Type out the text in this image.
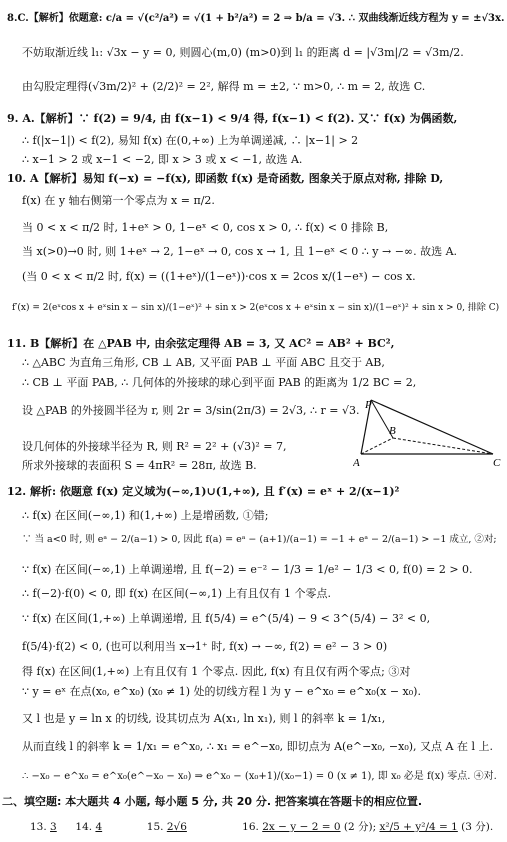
8.C.【解析】依题意: c/a = √(c²/a²) = √(1 + b²/a²) = 2 ⇒ b/a = √3. ∴ 双曲线渐近线方程为 y = ±√3x.
不妨取渐近线 l₁: √3x − y = 0, 则圆心(m,0) (m>0)到 l₁ 的距离 d = |√3m|/2 = √3m/2.
由勾股定理得(√3m/2)² + (2/2)² = 2², 解得 m = ±2, ∵ m>0, ∴ m = 2, 故选 C.
9. A.【解析】∵ f(2) = 9/4, 由 f(x−1) < 9/4 得, f(x−1) < f(2). 又∵ f(x) 为偶函数,
∴ f(|x−1|) < f(2), 易知 f(x) 在(0,+∞) 上为单调递减, ∴ |x−1| > 2
∴ x−1 > 2 或 x−1 < −2, 即 x > 3 或 x < −1, 故选 A.
10. A【解析】易知 f(−x) = −f(x), 即函数 f(x) 是奇函数, 图象关于原点对称, 排除 D,
f(x) 在 y 轴右侧第一个零点为 x = π/2.
当 0 < x < π/2 时, 1+eˣ > 0, 1−eˣ < 0, cos x > 0, ∴ f(x) < 0 排除 B,
当 x(>0)→0 时, 则 1+eˣ → 2, 1−eˣ → 0, cos x → 1, 且 1−eˣ < 0 ∴ y → −∞. 故选 A.
(当 0 < x < π/2 时, f(x) = ((1+eˣ)/(1−eˣ))·cos x = 2cos x/(1−eˣ) − cos x.
f′(x) = 2(eˣcos x + eˣsin x − sin x)/(1−eˣ)² + sin x > 2(eˣcos x + eˣsin x − sin x)/(1−eˣ)² + sin x > 0, 排除 C)
11. B【解析】在 △PAB 中, 由余弦定理得 AB = 3, 又 AC² = AB² + BC²,
∴ △ABC 为直角三角形, CB ⊥ AB, 又平面 PAB ⊥ 平面 ABC 且交于 AB,
∴ CB ⊥ 平面 PAB, ∴ 几何体的外接球的球心到平面 PAB 的距离为 1/2 BC = 2,
设 △PAB 的外接圆半径为 r, 则 2r = 3/sin(2π/3) = 2√3, ∴ r = √3.
设几何体的外接球半径为 R, 则 R² = 2² + (√3)² = 7,
所求外接球的表面积 S = 4πR² = 28π, 故选 B.
12. 解析: 依题意 f(x) 定义域为(−∞,1)∪(1,+∞), 且 f′(x) = eˣ + 2/(x−1)²
∴ f(x) 在区间(−∞,1) 和(1,+∞) 上是增函数, ①错;
∵ 当 a<0 时, 则 eᵃ − 2/(a−1) > 0, 因此 f(a) = eᵃ − (a+1)/(a−1) = −1 + eᵃ − 2/(a−1) > −1 成立, ②对;
∵ f(x) 在区间(−∞,1) 上单调递增, 且 f(−2) = e⁻² − 1/3 = 1/e² − 1/3 < 0, f(0) = 2 > 0.
∴ f(−2)·f(0) < 0, 即 f(x) 在区间(−∞,1) 上有且仅有 1 个零点.
∵ f(x) 在区间(1,+∞) 上单调递增, 且 f(5/4) = e^(5/4) − 9 < 3^(5/4) − 3² < 0,
f(5/4)·f(2) < 0, (也可以利用当 x→1⁺ 时, f(x) → −∞, f(2) = e² − 3 > 0)
得 f(x) 在区间(1,+∞) 上有且仅有 1 个零点. 因此, f(x) 有且仅有两个零点; ③对
∵ y = eˣ 在点(x₀, e^x₀) (x₀ ≠ 1) 处的切线方程 l 为 y − e^x₀ = e^x₀(x − x₀).
又 l 也是 y = ln x 的切线, 设其切点为 A(x₁, ln x₁), 则 l 的斜率 k = 1/x₁,
从而直线 l 的斜率 k = 1/x₁ = e^x₀, ∴ x₁ = e^−x₀, 即切点为 A(e^−x₀, −x₀), 又点 A 在 l 上.
∴ −x₀ − e^x₀ = e^x₀(e^−x₀ − x₀) ⇒ e^x₀ − (x₀+1)/(x₀−1) = 0 (x ≠ 1), 即 x₀ 必是 f(x) 零点. ④对.
P
A
B
C
二、填空题: 本大题共 4 小题, 每小题 5 分, 共 20 分. 把答案填在答题卡的相应位置.
13. 3 14. 4	15. 2√6	16. 2x − y − 2 = 0 (2 分); x²/5 + y²/4 = 1 (3 分).
